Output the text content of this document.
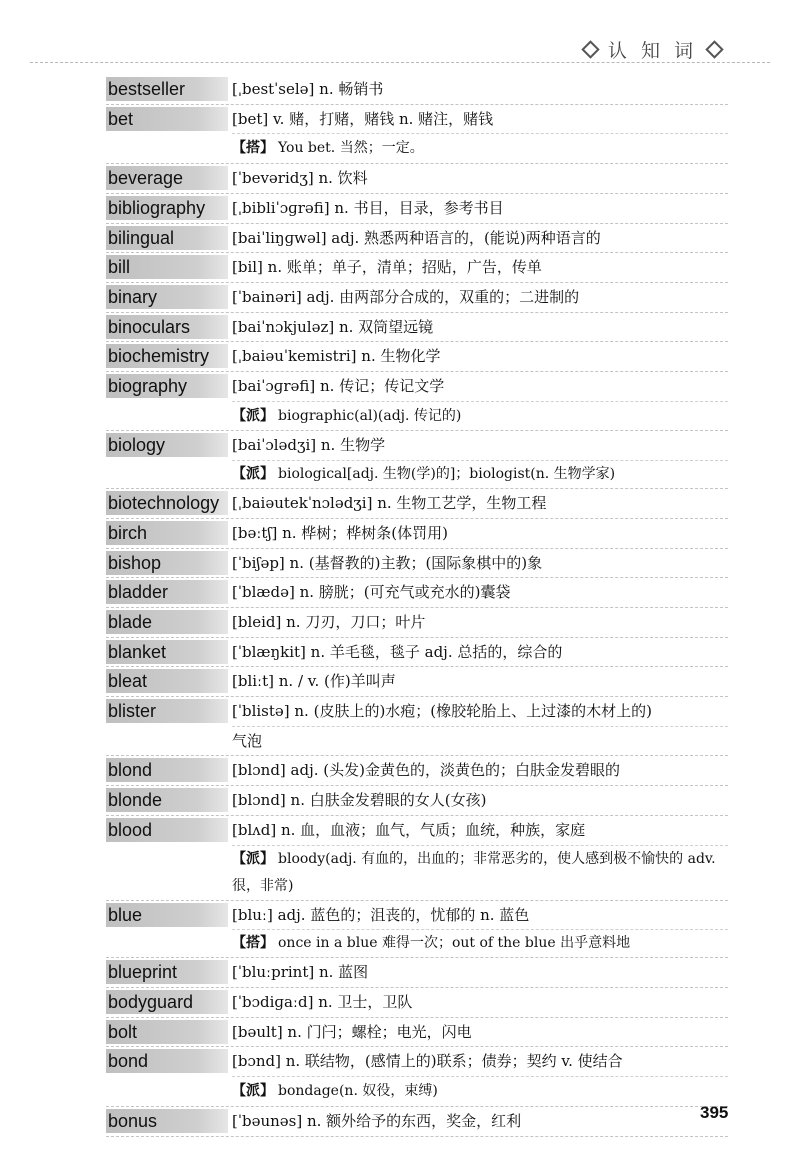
认 知 词
bestseller	[ˌbestˈselə] n. 畅销书
bet	[bet] v. 赌，打赌，赌钱 n. 赌注，赌钱
【搭】 You bet. 当然；一定。
beverage	[ˈbevəridʒ] n. 饮料
bibliography	[ˌbibliˈɔɡrəfi] n. 书目，目录，参考书目
bilingual	[baiˈliŋɡwəl] adj. 熟悉两种语言的，(能说)两种语言的
bill	[bil] n. 账单；单子，清单；招贴，广告，传单
binary	[ˈbainəri] adj. 由两部分合成的，双重的；二进制的
binoculars	[baiˈnɔkjuləz] n. 双筒望远镜
biochemistry	[ˌbaiəuˈkemistri] n. 生物化学
biography	[baiˈɔɡrəfi] n. 传记；传记文学
【派】 biographic(al)(adj. 传记的)
biology	[baiˈɔlədʒi] n. 生物学
【派】 biological[adj. 生物(学)的]；biologist(n. 生物学家)
biotechnology [ˌbaiəutekˈnɔlədʒi] n. 生物工艺学，生物工程
birch	[bəːtʃ] n. 桦树；桦树条(体罚用)
bishop	[ˈbiʃəp] n. (基督教的)主教；(国际象棋中的)象
bladder	[ˈblædə] n. 膀胱；(可充气或充水的)囊袋
blade	[bleid] n. 刀刃，刀口；叶片
blanket	[ˈblæŋkit] n. 羊毛毯，毯子 adj. 总括的，综合的
bleat	[bliːt] n. / v. (作)羊叫声
blister	[ˈblistə] n. (皮肤上的)水疱；(橡胶轮胎上、上过漆的木材上的)
气泡
blond	[blɔnd] adj. (头发)金黄色的，淡黄色的；白肤金发碧眼的
blonde	[blɔnd] n. 白肤金发碧眼的女人(女孩)
blood	[blʌd] n. 血，血液；血气，气质；血统，种族，家庭
【派】 bloody(adj. 有血的，出血的；非常恶劣的，使人感到极不愉快的 adv. 很，非常)
blue	[bluː] adj. 蓝色的；沮丧的，忧郁的 n. 蓝色
【搭】 once in a blue 难得一次；out of the blue 出乎意料地
blueprint	[ˈbluːprint] n. 蓝图
bodyguard	[ˈbɔdiɡaːd] n. 卫士，卫队
bolt	[bəult] n. 门闩；螺栓；电光，闪电
bond	[bɔnd] n. 联结物，(感情上的)联系；债券；契约 v. 使结合
【派】 bondage(n. 奴役，束缚)
bonus	[ˈbəunəs] n. 额外给予的东西，奖金，红利	395
